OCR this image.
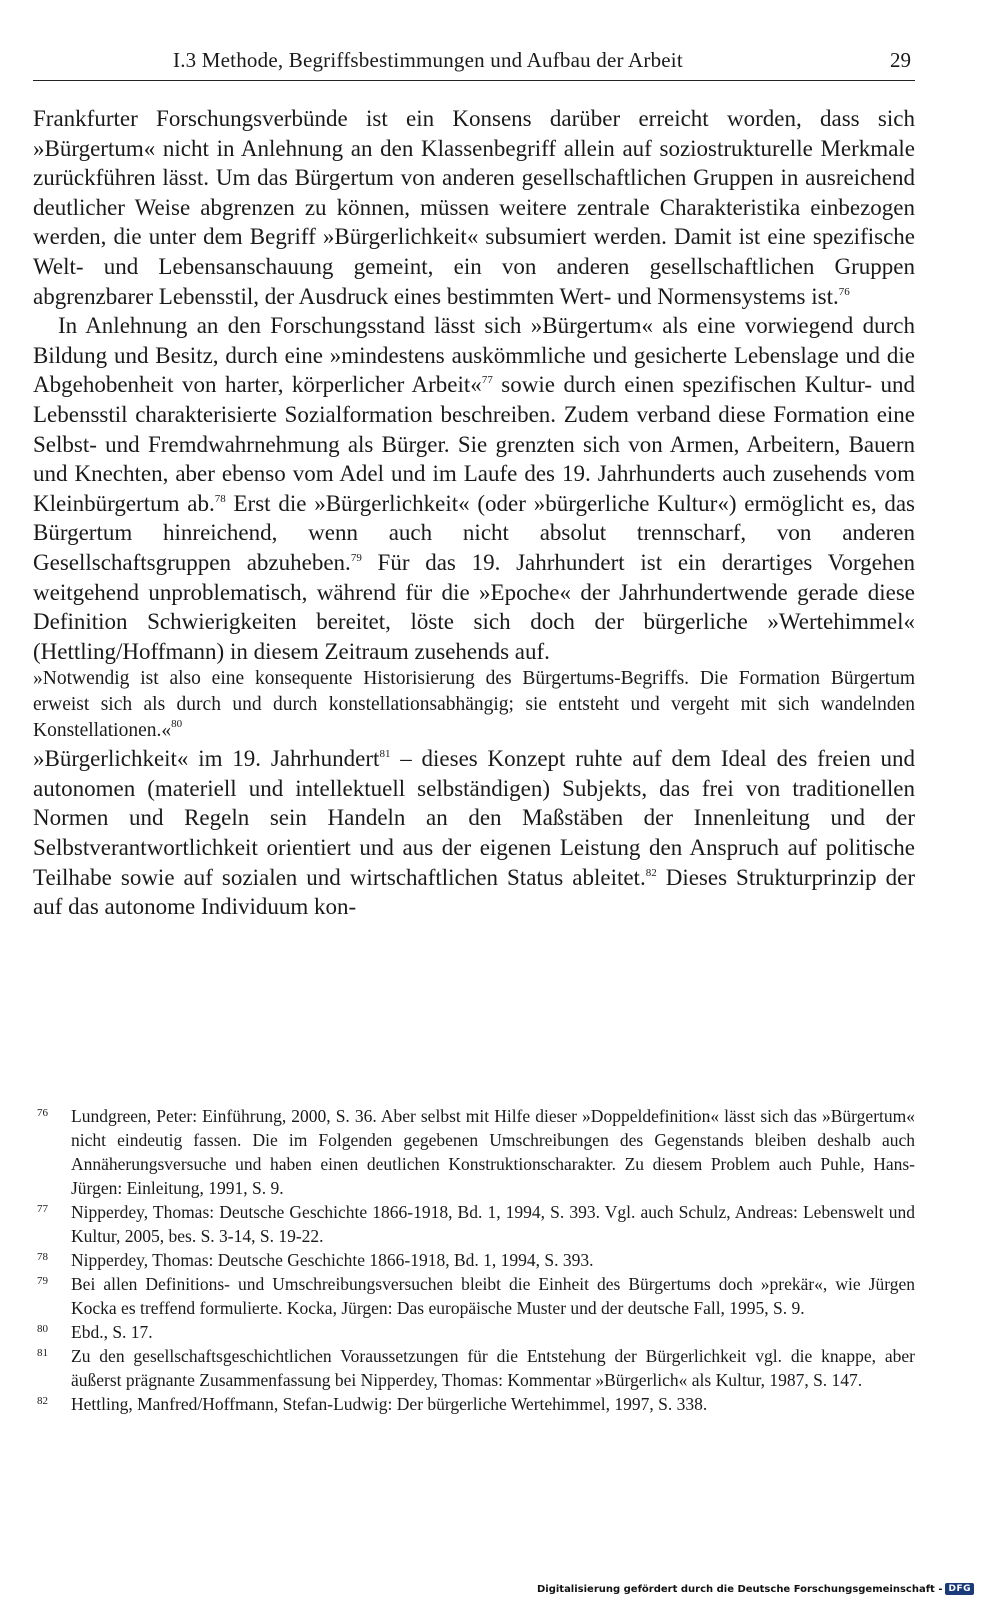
I.3 Methode, Begriffsbestimmungen und Aufbau der Arbeit	29

Frankfurter Forschungsverbünde ist ein Konsens darüber erreicht worden, dass sich »Bürgertum« nicht in Anlehnung an den Klassenbegriff allein auf soziostrukturelle Merkmale zurückführen lässt. Um das Bürgertum von anderen gesellschaftlichen Gruppen in ausreichend deutlicher Weise abgrenzen zu können, müssen weitere zentrale Charakteristika einbezogen werden, die unter dem Begriff »Bürgerlichkeit« subsumiert werden. Damit ist eine spezifische Welt- und Lebensanschauung gemeint, ein von anderen gesellschaftlichen Gruppen abgrenzbarer Lebensstil, der Ausdruck eines bestimmten Wert- und Normensystems ist.$^{76}$

In Anlehnung an den Forschungsstand lässt sich »Bürgertum« als eine vorwiegend durch Bildung und Besitz, durch eine »mindestens auskömmliche und gesicherte Lebenslage und die Abgehobenheit von harter, körperlicher Arbeit«$^{77}$ sowie durch einen spezifischen Kultur- und Lebensstil charakterisierte Sozialformation beschreiben. Zudem verband diese Formation eine Selbst- und Fremdwahrnehmung als Bürger. Sie grenzten sich von Armen, Arbeitern, Bauern und Knechten, aber ebenso vom Adel und im Laufe des 19. Jahrhunderts auch zusehends vom Kleinbürgertum ab.$^{78}$ Erst die »Bürgerlichkeit« (oder »bürgerliche Kultur«) ermöglicht es, das Bürgertum hinreichend, wenn auch nicht absolut trennscharf, von anderen Gesellschaftsgruppen abzuheben.$^{79}$ Für das 19. Jahrhundert ist ein derartiges Vorgehen weitgehend unproblematisch, während für die »Epoche« der Jahrhundertwende gerade diese Definition Schwierigkeiten bereitet, löste sich doch der bürgerliche »Wertehimmel« (Hettling/Hoffmann) in diesem Zeitraum zusehends auf.

»Notwendig ist also eine konsequente Historisierung des Bürgertums-Begriffs. Die Formation Bürgertum erweist sich als durch und durch konstellationsabhängig; sie entsteht und vergeht mit sich wandelnden Konstellationen.«$^{80}$

»Bürgerlichkeit« im 19. Jahrhundert$^{81}$ – dieses Konzept ruhte auf dem Ideal des freien und autonomen (materiell und intellektuell selbständigen) Subjekts, das frei von traditionellen Normen und Regeln sein Handeln an den Maßstäben der Innenleitung und der Selbstverantwortlichkeit orientiert und aus der eigenen Leistung den Anspruch auf politische Teilhabe sowie auf sozialen und wirtschaftlichen Status ableitet.$^{82}$ Dieses Strukturprinzip der auf das autonome Individuum kon-

76 Lundgreen, Peter: Einführung, 2000, S. 36. Aber selbst mit Hilfe dieser »Doppeldefinition« lässt sich das »Bürgertum« nicht eindeutig fassen. Die im Folgenden gegebenen Umschreibungen des Gegenstands bleiben deshalb auch Annäherungsversuche und haben einen deutlichen Konstruktionscharakter. Zu diesem Problem auch Puhle, Hans-Jürgen: Einleitung, 1991, S. 9.

77 Nipperdey, Thomas: Deutsche Geschichte 1866-1918, Bd. 1, 1994, S. 393. Vgl. auch Schulz, Andreas: Lebenswelt und Kultur, 2005, bes. S. 3-14, S. 19-22.

78 Nipperdey, Thomas: Deutsche Geschichte 1866-1918, Bd. 1, 1994, S. 393.

79 Bei allen Definitions- und Umschreibungsversuchen bleibt die Einheit des Bürgertums doch »prekär«, wie Jürgen Kocka es treffend formulierte. Kocka, Jürgen: Das europäische Muster und der deutsche Fall, 1995, S. 9.

80 Ebd., S. 17.

81 Zu den gesellschaftsgeschichtlichen Voraussetzungen für die Entstehung der Bürgerlichkeit vgl. die knappe, aber äußerst prägnante Zusammenfassung bei Nipperdey, Thomas: Kommentar »Bürgerlich« als Kultur, 1987, S. 147.

82 Hettling, Manfred/Hoffmann, Stefan-Ludwig: Der bürgerliche Wertehimmel, 1997, S. 338.

Digitalisierung gefördert durch die Deutsche Forschungsgemeinschaft - DFG
